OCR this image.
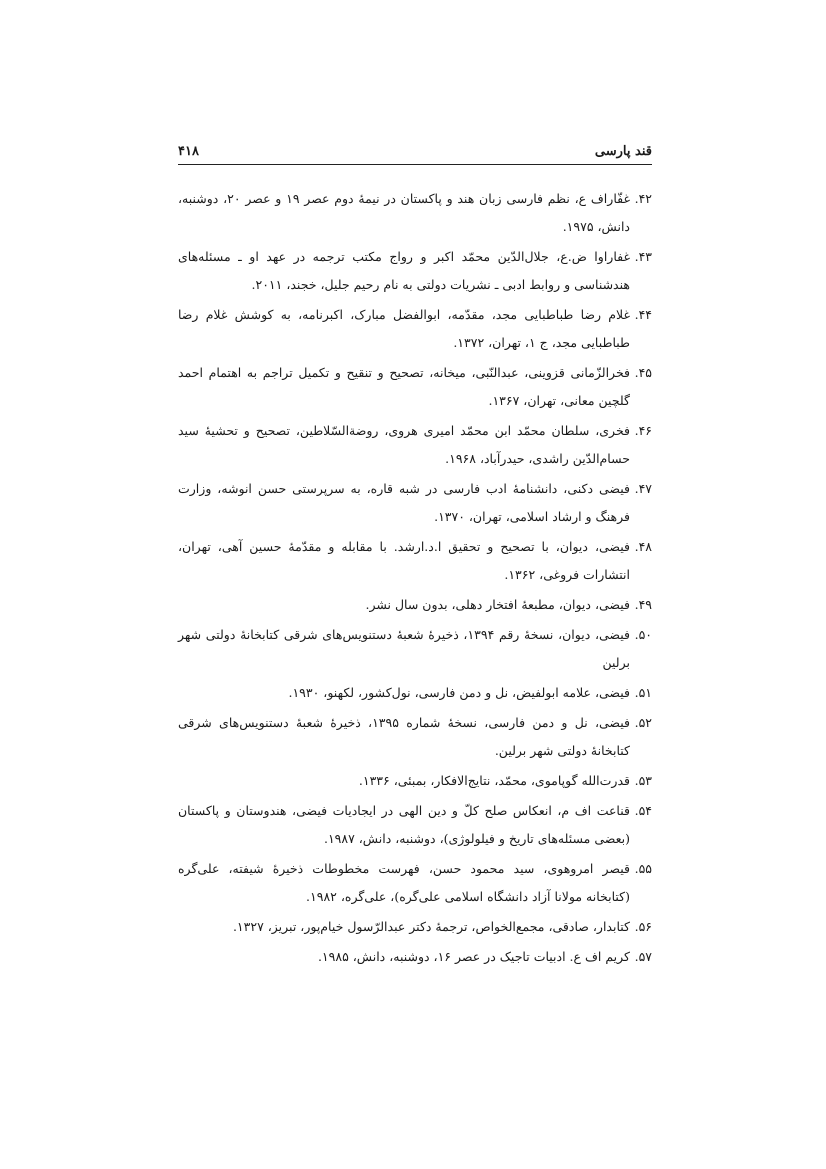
قند پارسی
۴۱۸
۴۲.
غفّاراف ع، نظم فارسی زبان هند و پاکستان در نیمۀ دوم عصر ۱۹ و عصر ۲۰، دوشنبه، دانش، ۱۹۷۵.
۴۳.
غفاراوا ض.ع، جلال‌الدّین محمّد اکبر و رواج مکتب ترجمه در عهد او ـ مسئله‌های هندشناسی و روابط ادبی ـ نشریات دولتی به نام رحیم جلیل، خجند، ۲۰۱۱.
۴۴.
غلام رضا طباطبایی مجد، مقدّمه، ابوالفضل مبارک، اکبرنامه، به کوشش غلام رضا طباطبایی مجد، ج ۱، تهران، ۱۳۷۲.
۴۵.
فخرالزّمانی قزوینی، عبدالنّبی، میخانه، تصحیح و تنقیح و تکمیل تراجم به اهتمام احمد گلچین معانی، تهران، ۱۳۶۷.
۴۶.
فخری، سلطان محمّد ابن محمّد امیری هروی، روضة‌السّلاطین، تصحیح و تحشیۀ سید حسام‌الدّین راشدی، حیدرآباد، ۱۹۶۸.
۴۷.
فیضی دکنی، دانشنامۀ ادب فارسی در شبه قاره، به سرپرستی حسن انوشه، وزارت فرهنگ و ارشاد اسلامی، تهران، ۱۳۷۰.
۴۸.
فیضی، دیوان، با تصحیح و تحقیق ا.د.ارشد. با مقابله و مقدّمۀ حسین آهی، تهران، انتشارات فروغی، ۱۳۶۲.
۴۹.
فیضی، دیوان، مطبعۀ افتخار دهلی، بدون سال نشر.
۵۰.
فیضی، دیوان، نسخۀ رقم ۱۳۹۴، ذخیرۀ شعبۀ دستنویس‌های شرقی کتابخانۀ دولتی شهر برلین
۵۱.
فیضی، علامه ابولفیض، نل و دمن فارسی، نول‌کشور، لکهنو، ۱۹۳۰.
۵۲.
فیضی، نل و دمن فارسی، نسخۀ شماره ۱۳۹۵، ذخیرۀ شعبۀ دستنویس‌های شرقی کتابخانۀ دولتی شهر برلین.
۵۳.
قدرت‌الله گوپاموی، محمّد، نتایج‌الافکار، بمبئی، ۱۳۳۶.
۵۴.
قناعت اف م، انعکاس صلح کلّ و دین الهی در ایجادیات فیضی، هندوستان و پاکستان (بعضی مسئله‌های تاریخ و فیلولوژی)، دوشنبه، دانش، ۱۹۸۷.
۵۵.
قیصر امروهوی، سید محمود حسن، فهرست مخطوطات ذخیرۀ شیفته، علی‌گره (کتابخانه مولانا آزاد دانشگاه اسلامی علی‌گره)، علی‌گره، ۱۹۸۲.
۵۶.
کتابدار، صادقی، مجمع‌الخواص، ترجمۀ دکتر عبدالرّسول خیام‌پور، تبریز، ۱۳۲۷.
۵۷.
کریم اف ع. ادبیات تاجیک در عصر ۱۶، دوشنبه، دانش، ۱۹۸۵.
